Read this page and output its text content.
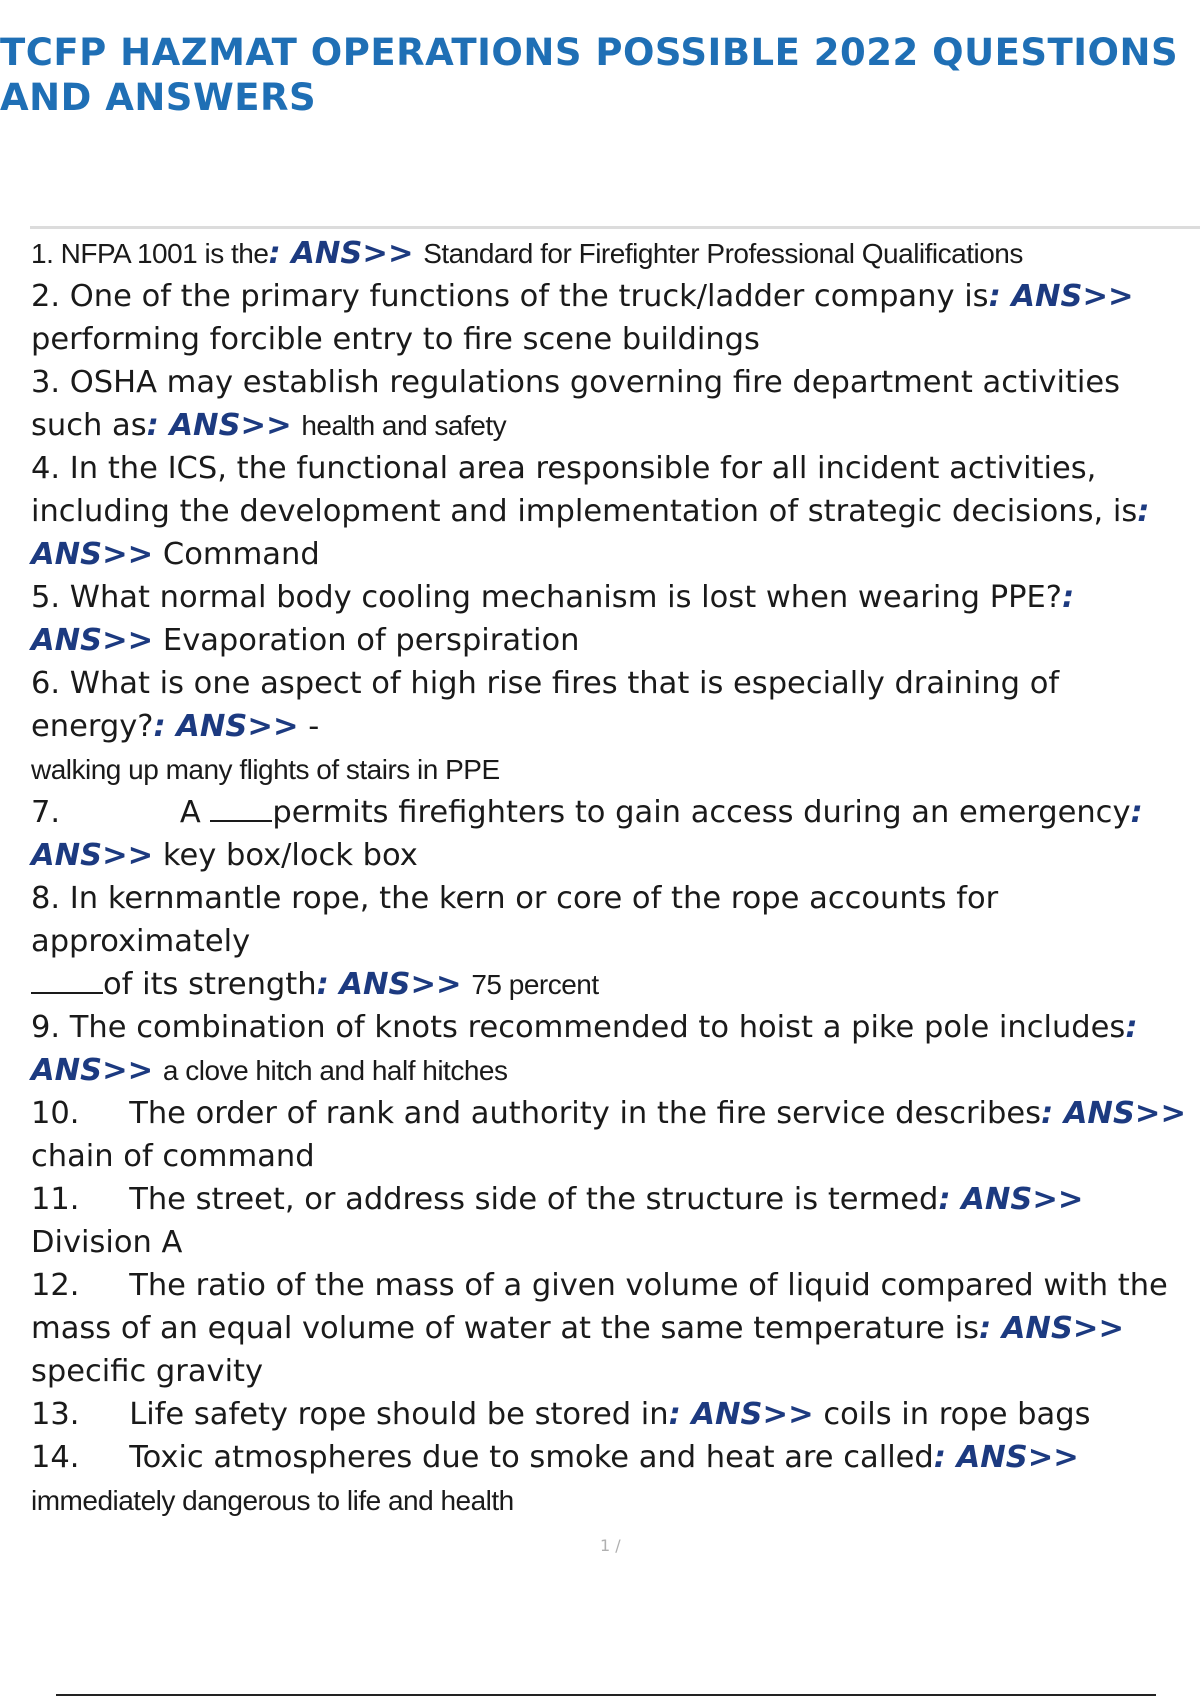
TCFP HAZMAT OPERATIONS POSSIBLE 2022 QUESTIONS AND ANSWERS

1. NFPA 1001 is the: ANS>> Standard for Firefighter Professional Qualifications

2. One of the primary functions of the truck/ladder company is: ANS>> performing forcible entry to fire scene buildings

3. OSHA may establish regulations governing fire department activities such as: ANS>> health and safety

4. In the ICS, the functional area responsible for all incident activities, including the development and implementation of strategic decisions, is: ANS>> Command

5. What normal body cooling mechanism is lost when wearing PPE?: ANS>> Evaporation of perspiration

6. What is one aspect of high rise fires that is especially draining of energy?: ANS>> -
walking up many flights of stairs in PPE

7.	A permits firefighters to gain access during an emergency: ANS>> key box/lock box

8. In kernmantle rope, the kern or core of the rope accounts for approximately
of its strength: ANS>> 75 percent

9. The combination of knots recommended to hoist a pike pole includes: ANS>> a clove hitch and half hitches

10. The order of rank and authority in the fire service describes: ANS>> chain of command

11. The street, or address side of the structure is termed: ANS>> Division A

12. The ratio of the mass of a given volume of liquid compared with the mass of an equal volume of water at the same temperature is: ANS>> specific gravity

13. Life safety rope should be stored in: ANS>> coils in rope bags

14. Toxic atmospheres due to smoke and heat are called: ANS>> immediately dangerous to life and health

1 /
